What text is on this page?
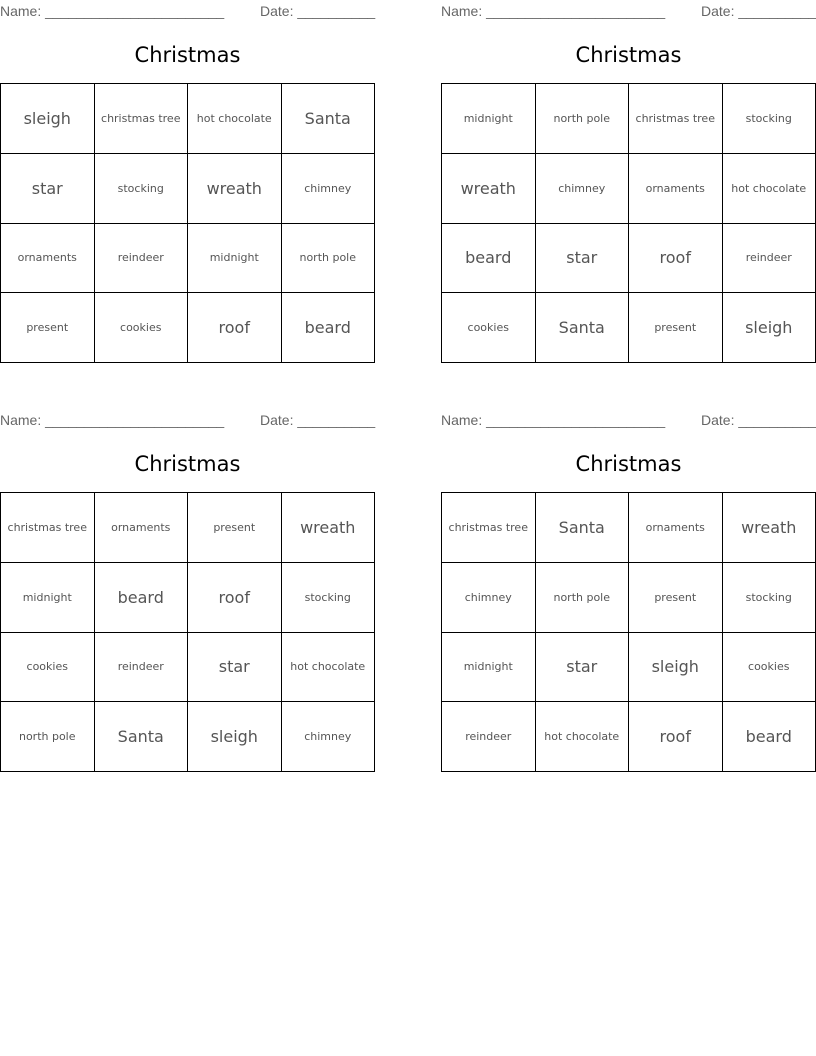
Name: _______________________	Date: __________
Christmas
sleigh	christmas tree	hot chocolate	Santa
star	stocking	wreath	chimney
ornaments	reindeer	midnight	north pole
present	cookies	roof	beard
Name: _______________________	Date: __________
Christmas
midnight	north pole	christmas tree	stocking
wreath	chimney	ornaments	hot chocolate
beard	star	roof	reindeer
cookies	Santa	present	sleigh
Name: _______________________	Date: __________
Christmas
christmas tree	ornaments	present	wreath
midnight	beard	roof	stocking
cookies	reindeer	star	hot chocolate
north pole	Santa	sleigh	chimney
Name: _______________________	Date: __________
Christmas
christmas tree	Santa	ornaments	wreath
chimney	north pole	present	stocking
midnight	star	sleigh	cookies
reindeer	hot chocolate	roof	beard
